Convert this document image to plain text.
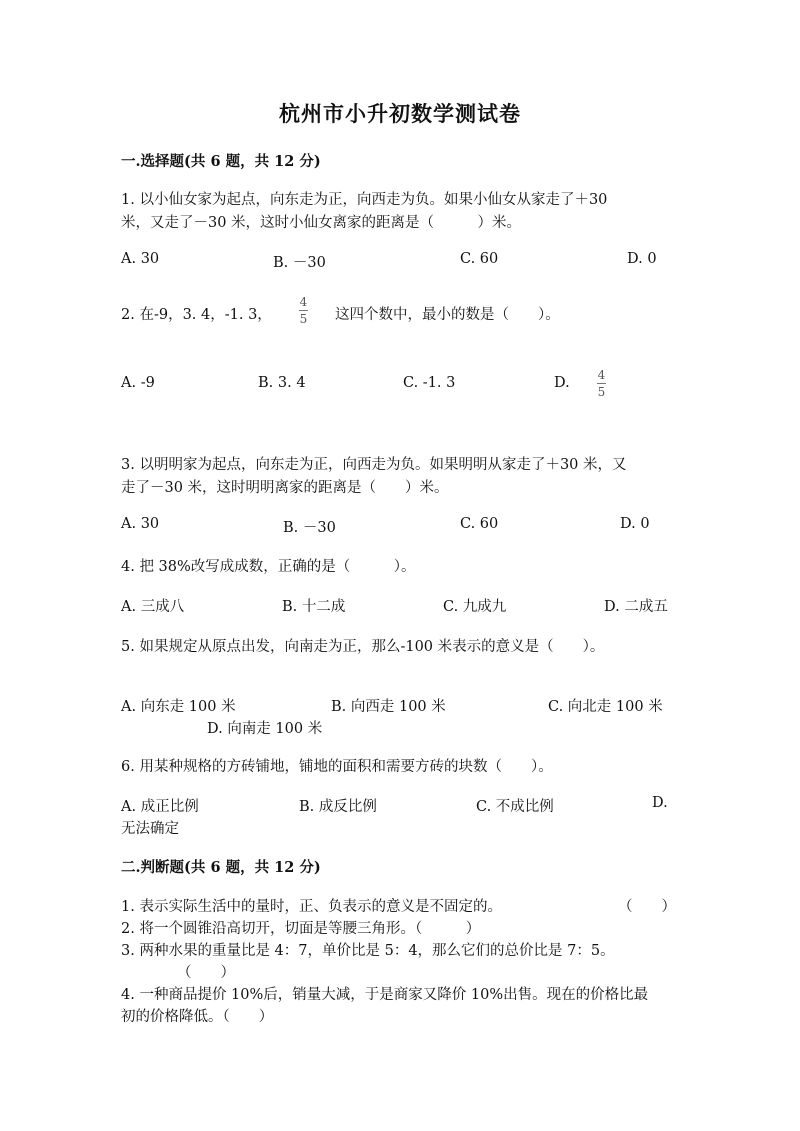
杭州市小升初数学测试卷
一.选择题(共 6 题，共 12 分)
1. 以小仙女家为起点，向东走为正，向西走为负。如果小仙女从家走了＋30
米，又走了－30 米，这时小仙女离家的距离是（　　　）米。
A. 30	B. －30	C. 60	D. 0
2. 在-9，3. 4，-1. 3，
4
5 这四个数中，最小的数是（　　）。
A. -9	B. 3. 4	C. -1. 3	D. 4
5
3. 以明明家为起点，向东走为正，向西走为负。如果明明从家走了＋30 米，又
走了－30 米，这时明明离家的距离是（　　）米。
A. 30	B. －30	C. 60	D. 0
4. 把 38%改写成成数，正确的是（　　　）。
A. 三成八	B. 十二成	C. 九成九	D. 二成五
5. 如果规定从原点出发，向南走为正，那么-100 米表示的意义是（　　）。
A. 向东走 100 米	B. 向西走 100 米	C. 向北走 100 米
D. 向南走 100 米
6. 用某种规格的方砖铺地，铺地的面积和需要方砖的块数（　　）。
A. 成正比例	B. 成反比例	C. 不成比例	D.
无法确定
二.判断题(共 6 题，共 12 分)
1. 表示实际生活中的量时，正、负表示的意义是不固定的。	（　　）
2. 将一个圆锥沿高切开，切面是等腰三角形。（　　　）
3. 两种水果的重量比是 4：7，单价比是 5：4，那么它们的总价比是 7：5。
（　　）
4. 一种商品提价 10%后，销量大减，于是商家又降价 10%出售。现在的价格比最
初的价格降低。（　　）
